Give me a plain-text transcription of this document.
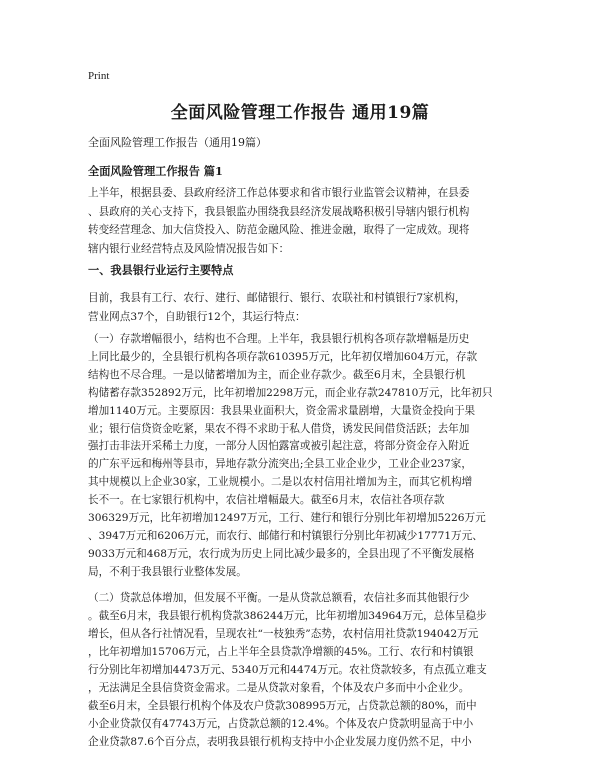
Print
全面风险管理工作报告 通用19篇
全面风险管理工作报告（通用19篇）
全面风险管理工作报告 篇1
上半年，根据县委、县政府经济工作总体要求和省市银行业监管会议精神，在县委
、县政府的关心支持下，我县银监办围绕我县经济发展战略积极引导辖内银行机构
转变经营理念、加大信贷投入、防范金融风险、推进金融，取得了一定成效。现将
辖内银行业经营特点及风险情况报告如下：
一、我县银行业运行主要特点
目前，我县有工行、农行、建行、邮储银行、银行、农联社和村镇银行7家机构，
营业网点37个，自助银行12个，其运行特点：
（一）存款增幅很小，结构也不合理。上半年，我县银行机构各项存款增幅是历史
上同比最少的，全县银行机构各项存款610395万元，比年初仅增加604万元，存款
结构也不尽合理。一是以储蓄增加为主，而企业存款少。截至6月末，全县银行机
构储蓄存款352892万元，比年初增加2298万元，而企业存款247810万元，比年初只
增加1140万元。主要原因：我县果业面积大，资金需求量剧增，大量资金投向于果
业；银行信贷资金吃紧，果农不得不求助于私人借贷，诱发民间借贷活跃；去年加
强打击非法开采稀土力度，一部分人因怕露富或被引起注意，将部分资金存入附近
的广东平远和梅州等县市，异地存款分流突出;全县工业企业少，工业企业237家，
其中规模以上企业30家，工业规模小。二是以农村信用社增加为主，而其它机构增
长不一。在七家银行机构中，农信社增幅最大。截至6月末，农信社各项存款
306329万元，比年初增加12497万元，工行、建行和银行分别比年初增加5226万元
、3947万元和6206万元，而农行、邮储行和村镇银行分别比年初减少17771万元、
9033万元和468万元，农行成为历史上同比减少最多的，全县出现了不平衡发展格
局，不利于我县银行业整体发展。
（二）贷款总体增加，但发展不平衡。一是从贷款总额看，农信社多而其他银行少
。截至6月末，我县银行机构贷款386244万元，比年初增加34964万元，总体呈稳步
增长，但从各行社情况看，呈现农社“一枝独秀”态势，农村信用社贷款194042万元
，比年初增加15706万元，占上半年全县贷款净增额的45%。工行、农行和村镇银
行分别比年初增加4473万元、5340万元和4474万元。农社贷款较多，有点孤立难支
，无法满足全县信贷资金需求。二是从贷款对象看，个体及农户多而中小企业少。
截至6月末，全县银行机构个体及农户贷款308995万元，占贷款总额的80%，而中
小企业贷款仅有47743万元，占贷款总额的12.4%。个体及农户贷款明显高于中小
企业贷款87.6个百分点，表明我县银行机构支持中小企业发展力度仍然不足，中小
